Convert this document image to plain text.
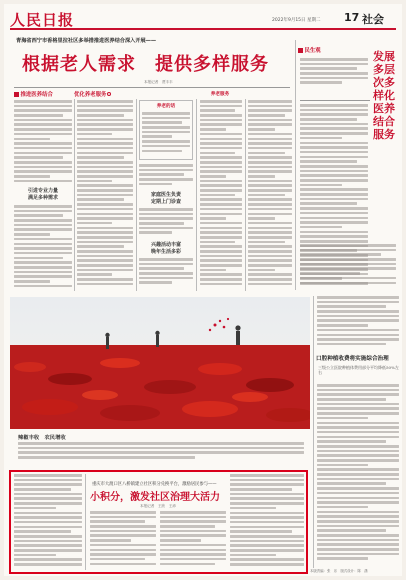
人民日报	2022年9月15日 星期二 17 社会
青海省西宁市香格里拉社区多举措推进医养结合深入开展——
根据老人需求　提供多样服务
本报记者　贾丰丰
推进医养结合	优化养老服务
引进专业力量
满足多种需求
养老的话
家庭医生负责
定期上门诊查
兴趣活动丰富
晚年生活多彩
养老服务
民生观	发展多层次多样化医养结合服务
辣椒丰收　农民增收
口腔种植收费将实施综合治理
三级公立医院种植体费用部分平均降低50%左右
重庆市大渡口区八桥镇建立社区积分兑换平台，激励居民参与——
小积分，激发社区治理大活力
本报记者　王欣　王沛
本版责编：张　乐　版式设计：陈　潇
